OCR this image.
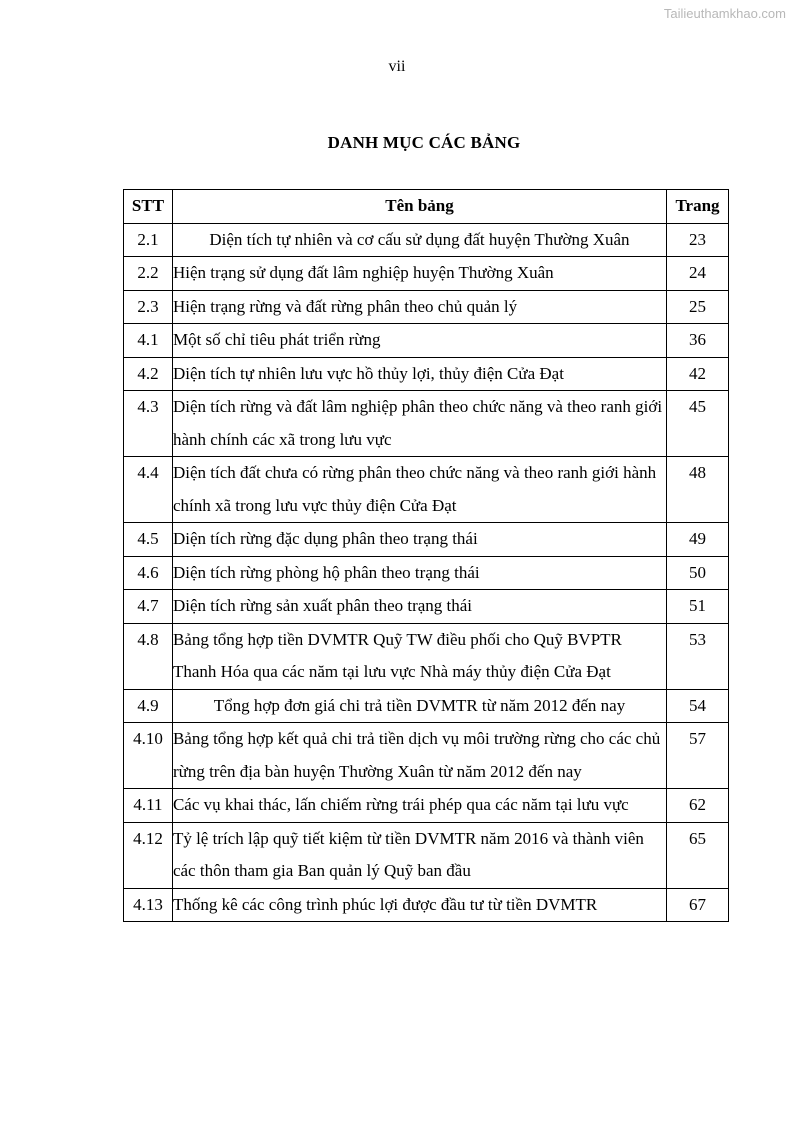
Tailieuthamkhao.com
vii
DANH MỤC CÁC BẢNG
STT	Tên bảng	Trang
2.1	Diện tích tự nhiên và cơ cấu sử dụng đất huyện Thường Xuân	23
2.2	Hiện trạng sử dụng đất lâm nghiệp huyện Thường Xuân	24
2.3	Hiện trạng rừng và đất rừng phân theo chủ quản lý	25
4.1	Một số chỉ tiêu phát triển rừng	36
4.2	Diện tích tự nhiên lưu vực hồ thủy lợi, thủy điện Cửa Đạt	42
4.3	Diện tích rừng và đất lâm nghiệp phân theo chức năng và theo ranh giới hành chính các xã trong lưu vực	45
4.4	Diện tích đất chưa có rừng phân theo chức năng và theo ranh giới hành chính xã trong lưu vực thủy điện Cửa Đạt	48
4.5	Diện tích rừng đặc dụng phân theo trạng thái	49
4.6	Diện tích rừng phòng hộ phân theo trạng thái	50
4.7	Diện tích rừng sản xuất phân theo trạng thái	51
4.8	Bảng tổng hợp tiền DVMTR Quỹ TW điều phối cho Quỹ BVPTR Thanh Hóa qua các năm tại lưu vực Nhà máy thủy điện Cửa Đạt	53
4.9	Tổng hợp đơn giá chi trả tiền DVMTR từ năm 2012 đến nay	54
4.10	Bảng tổng hợp kết quả chi trả tiền dịch vụ môi trường rừng cho các chủ rừng trên địa bàn huyện Thường Xuân từ năm 2012 đến nay	57
4.11	Các vụ khai thác, lấn chiếm rừng trái phép qua các năm tại lưu vực	62
4.12	Tỷ lệ trích lập quỹ tiết kiệm từ tiền DVMTR năm 2016 và thành viên các thôn tham gia Ban quản lý Quỹ ban đầu	65
4.13	Thống kê các công trình phúc lợi được đầu tư từ tiền DVMTR	67
